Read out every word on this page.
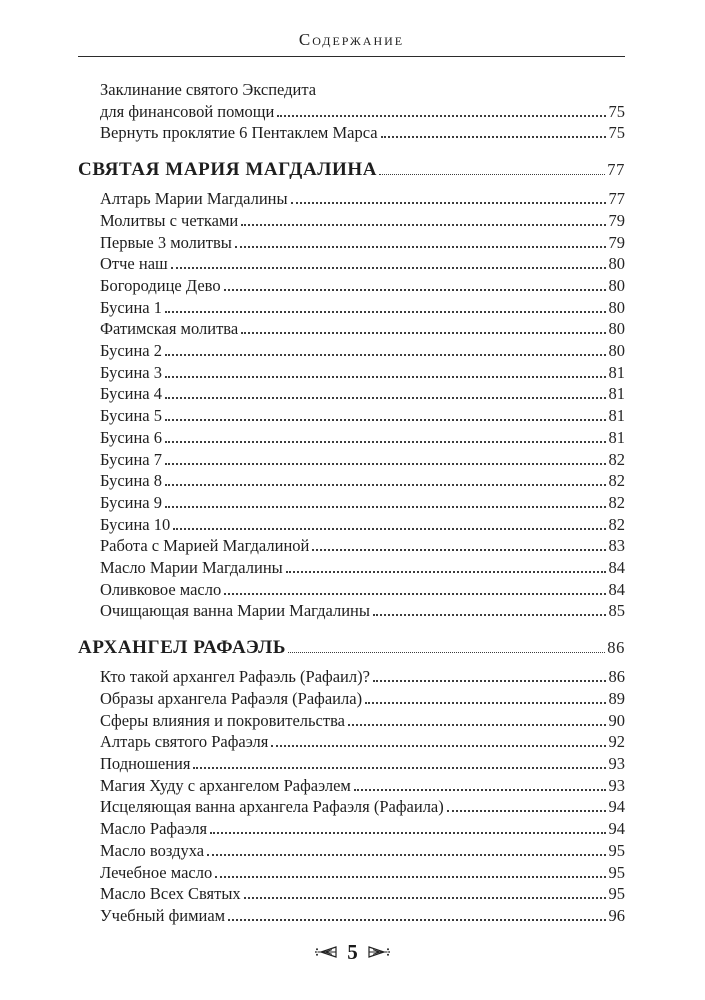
Содержание
Заклинание святого Экспедита
для финансовой помощи	75
Вернуть проклятие 6 Пентаклем Марса	75
СВЯТАЯ МАРИЯ МАГДАЛИНА	77
Алтарь Марии Магдалины	77
Молитвы с четками	79
Первые 3 молитвы	79
Отче наш	80
Богородице Дево	80
Бусина 1	80
Фатимская молитва	80
Бусина 2	80
Бусина 3	81
Бусина 4	81
Бусина 5	81
Бусина 6	81
Бусина 7	82
Бусина 8	82
Бусина 9	82
Бусина 10	82
Работа с Марией Магдалиной	83
Масло Марии Магдалины	84
Оливковое масло	84
Очищающая ванна Марии Магдалины	85
АРХАНГЕЛ РАФАЭЛЬ	86
Кто такой архангел Рафаэль (Рафаил)?	86
Образы архангела Рафаэля (Рафаила)	89
Сферы влияния и покровительства	90
Алтарь святого Рафаэля	92
Подношения	93
Магия Худу с архангелом Рафаэлем	93
Исцеляющая ванна архангела Рафаэля (Рафаила)	94
Масло Рафаэля	94
Масло воздуха	95
Лечебное масло	95
Масло Всех Святых	95
Учебный фимиам	96
5
